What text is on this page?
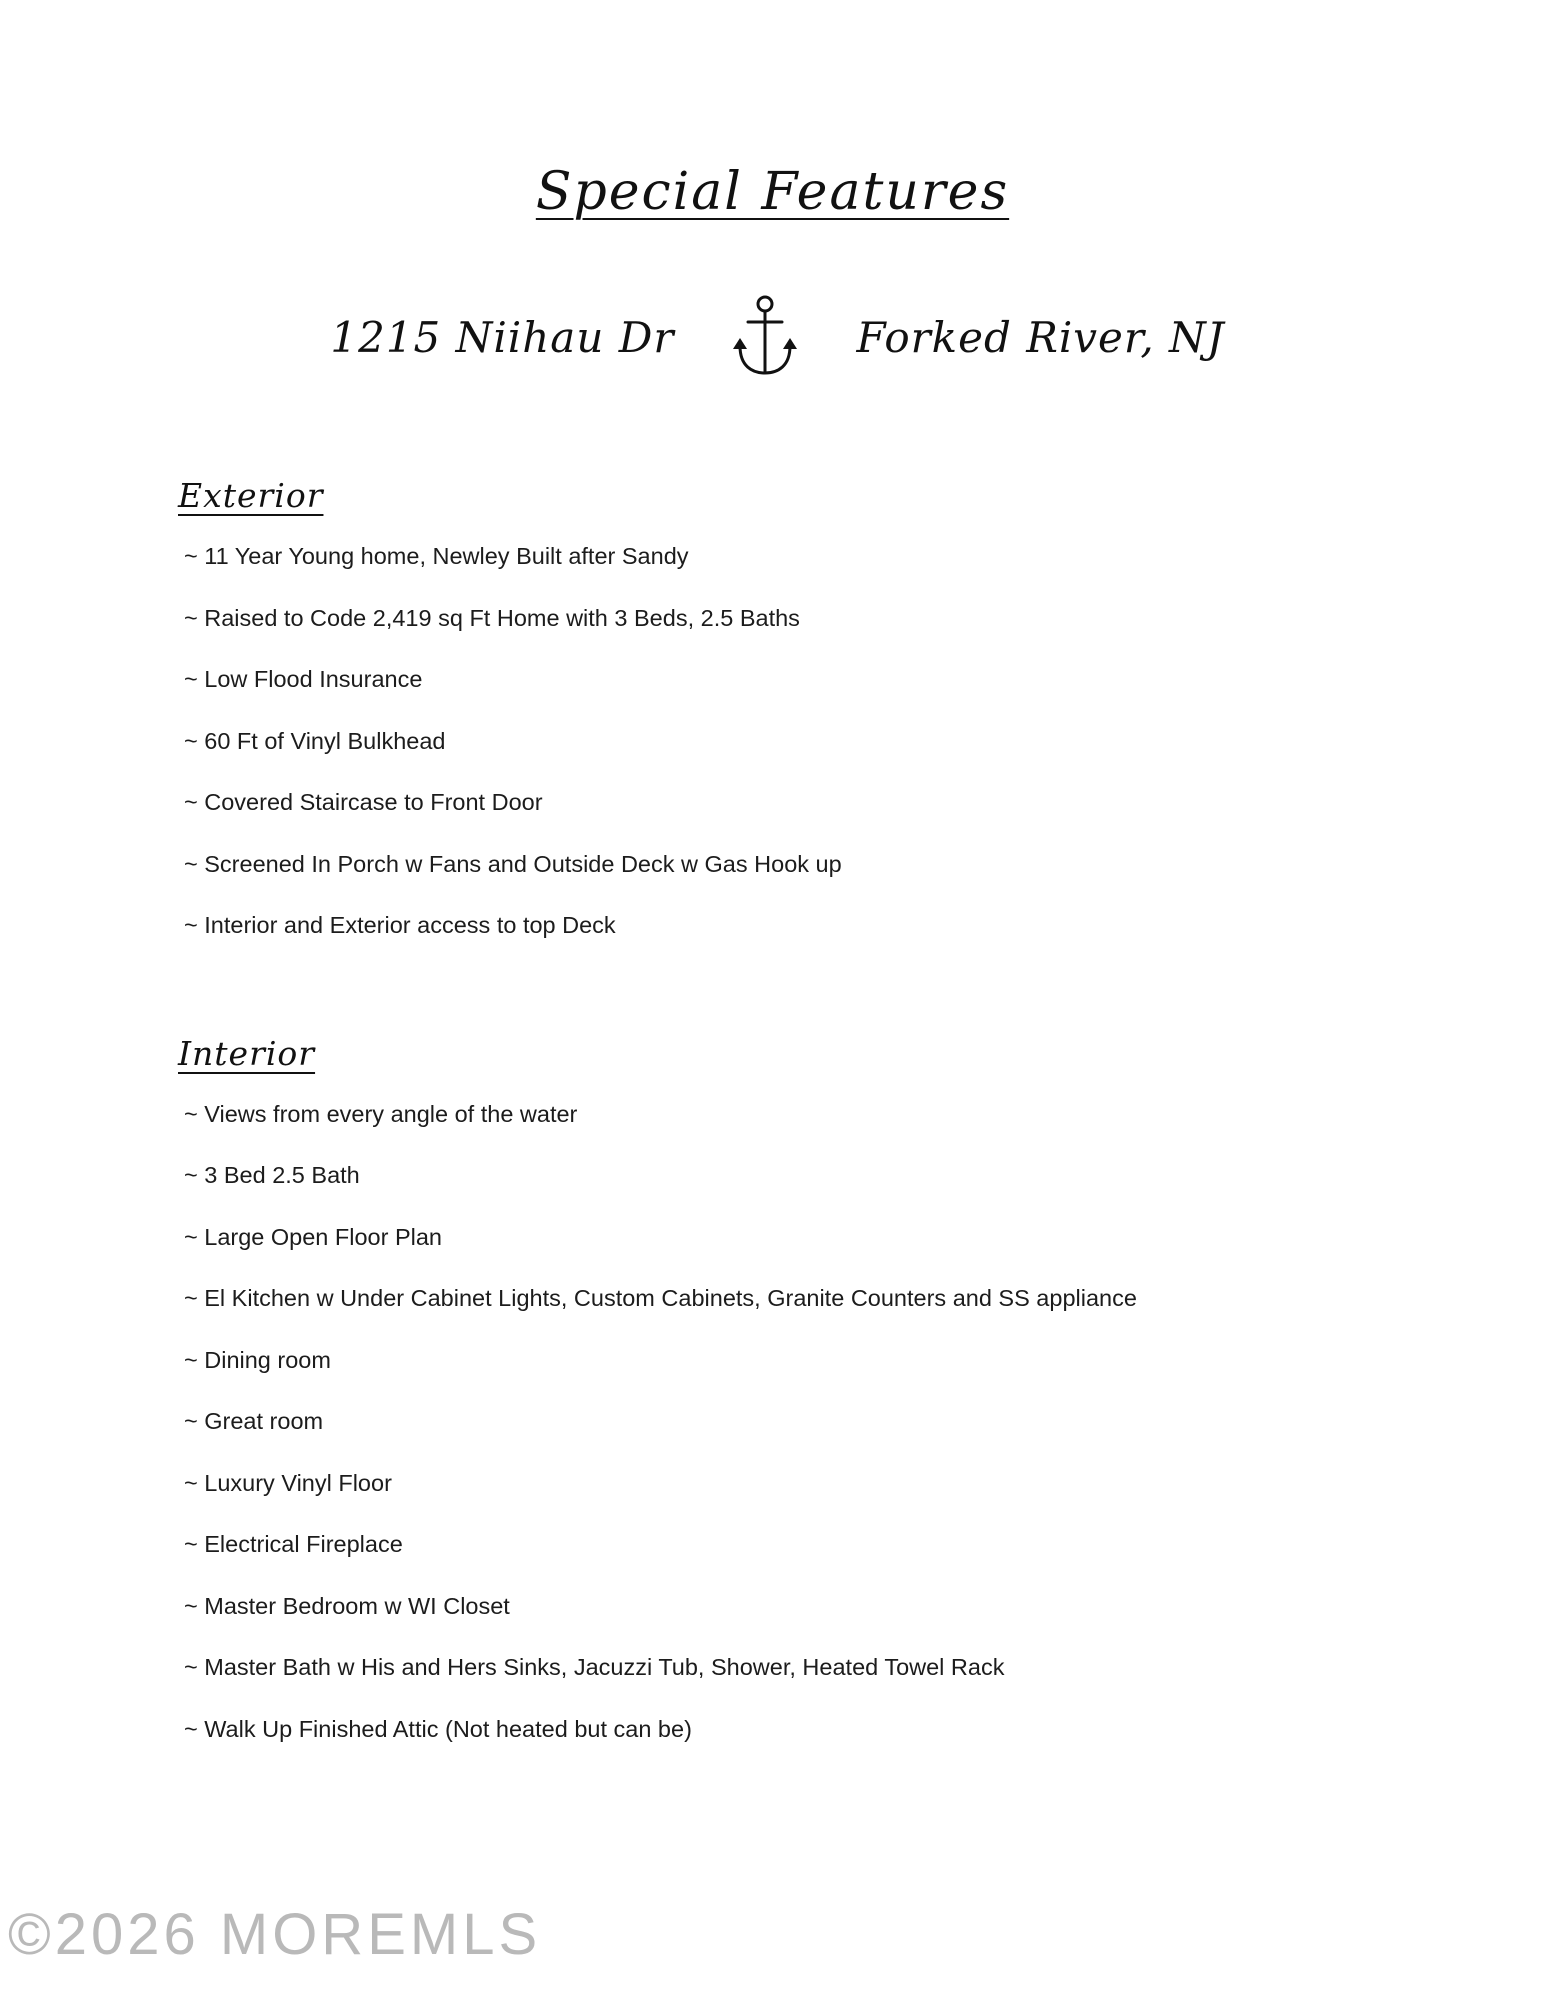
Special Features
1215 Niihau Dr	Forked River, NJ
Exterior
~ 11 Year Young home, Newley Built after Sandy
~ Raised to Code 2,419 sq Ft Home with 3 Beds, 2.5 Baths
~ Low Flood Insurance
~ 60 Ft of Vinyl Bulkhead
~ Covered Staircase to Front Door
~ Screened In Porch w Fans and Outside Deck w Gas Hook up
~ Interior and Exterior access to top Deck
Interior
~ Views from every angle of the water
~ 3 Bed 2.5 Bath
~ Large Open Floor Plan
~ El Kitchen w Under Cabinet Lights, Custom Cabinets, Granite Counters and SS appliance
~ Dining room
~ Great room
~ Luxury Vinyl Floor
~ Electrical Fireplace
~ Master Bedroom w WI Closet
~ Master Bath w His and Hers Sinks, Jacuzzi Tub, Shower, Heated Towel Rack
~ Walk Up Finished Attic (Not heated but can be)
©2026 MOREMLS
